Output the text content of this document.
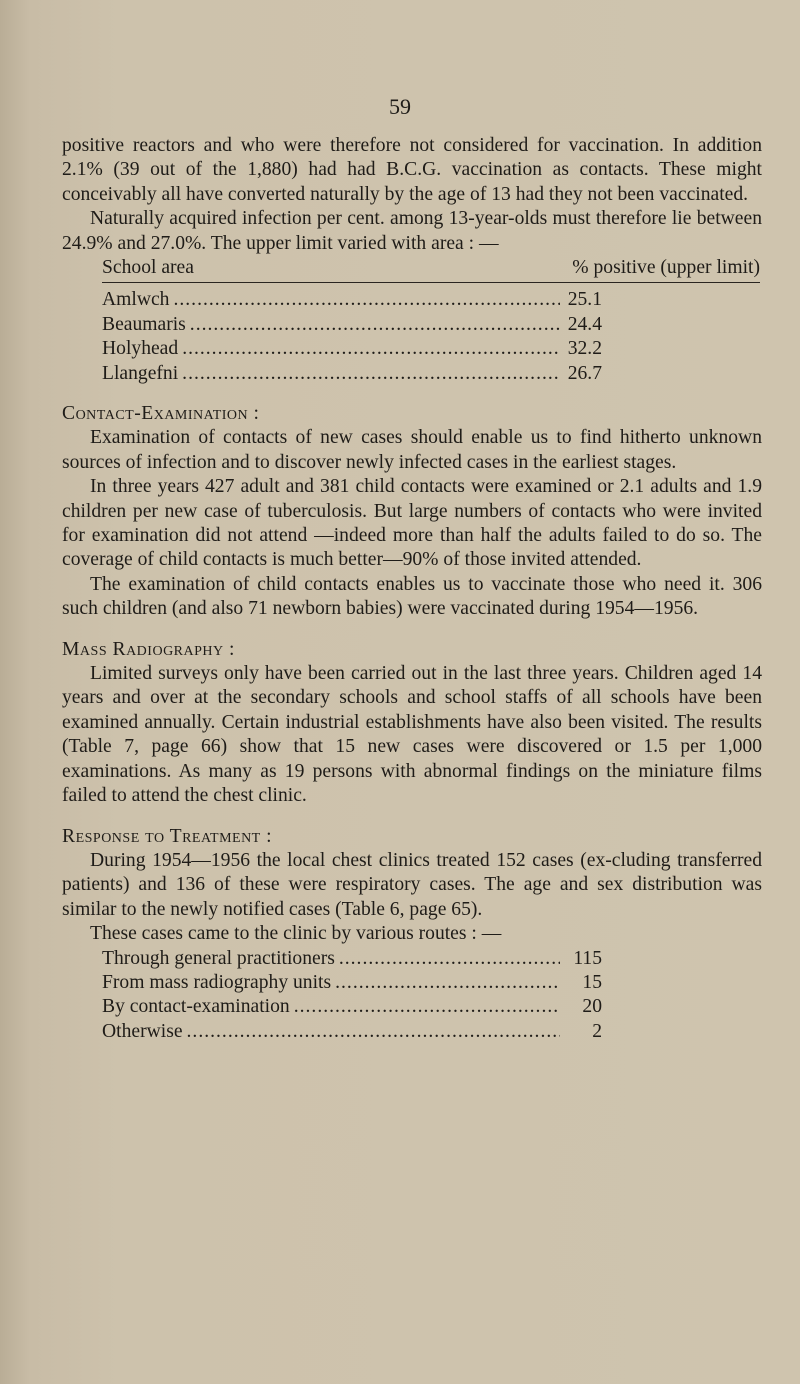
59

positive reactors and who were therefore not considered for vaccination. In addition 2.1% (39 out of the 1,880) had had B.C.G. vaccination as contacts. These might conceivably all have converted naturally by the age of 13 had they not been vaccinated.

Naturally acquired infection per cent. among 13-year-olds must therefore lie between 24.9% and 27.0%. The upper limit varied with area : —

School area	% positive (upper limit)
Amlwch .....	25.1
Beaumaris .....	24.4
Holyhead .....	32.2
Llangefni .....	26.7

Contact-Examination :

Examination of contacts of new cases should enable us to find hitherto unknown sources of infection and to discover newly infected cases in the earliest stages.

In three years 427 adult and 381 child contacts were examined or 2.1 adults and 1.9 children per new case of tuberculosis. But large numbers of contacts who were invited for examination did not attend —indeed more than half the adults failed to do so. The coverage of child contacts is much better—90% of those invited attended.

The examination of child contacts enables us to vaccinate those who need it. 306 such children (and also 71 newborn babies) were vaccinated during 1954—1956.

Mass Radiography :

Limited surveys only have been carried out in the last three years. Children aged 14 years and over at the secondary schools and school staffs of all schools have been examined annually. Certain industrial establishments have also been visited. The results (Table 7, page 66) show that 15 new cases were discovered or 1.5 per 1,000 examinations. As many as 19 persons with abnormal findings on the miniature films failed to attend the chest clinic.

Response to Treatment :

During 1954—1956 the local chest clinics treated 152 cases (ex-cluding transferred patients) and 136 of these were respiratory cases. The age and sex distribution was similar to the newly notified cases (Table 6, page 65).

These cases came to the clinic by various routes : —

Through general practitioners .....	115
From mass radiography units .....	15
By contact-examination .....	20
Otherwise .....	2
